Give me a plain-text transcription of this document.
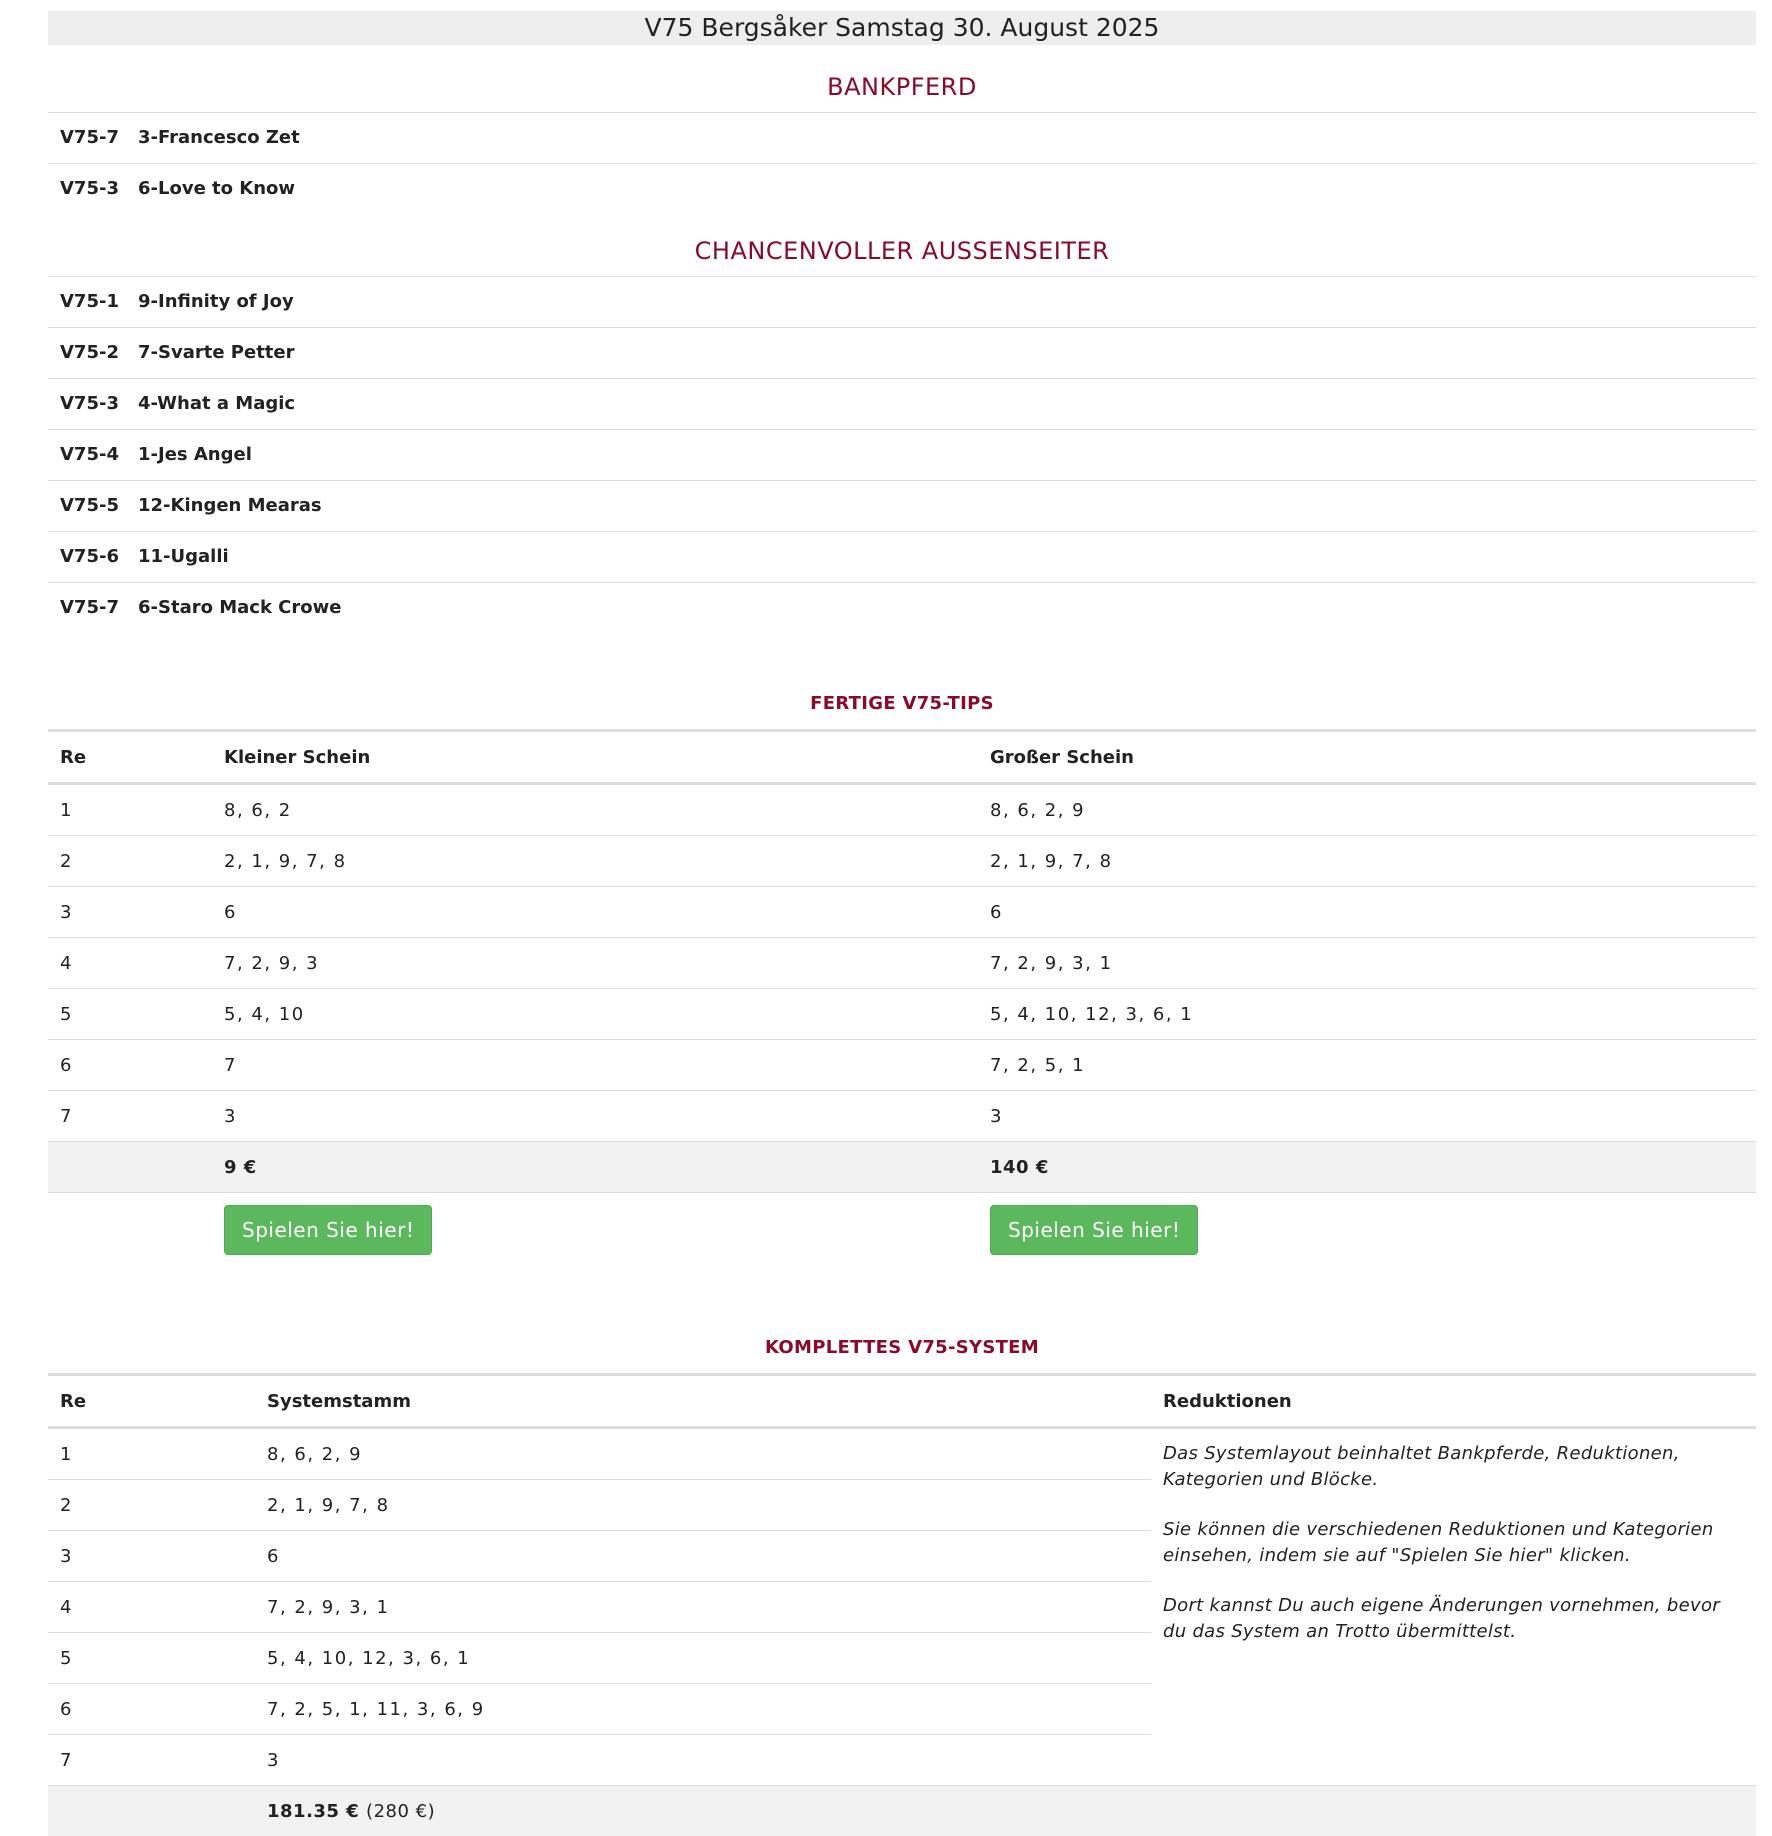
V75 Bergsåker Samstag 30. August 2025
BANKPFERD
V75-7	3-Francesco Zet
V75-3	6-Love to Know
CHANCENVOLLER AUSSENSEITER
V75-1	9-Infinity of Joy
V75-2	7-Svarte Petter
V75-3	4-What a Magic
V75-4	1-Jes Angel
V75-5	12-Kingen Mearas
V75-6	11-Ugalli
V75-7	6-Staro Mack Crowe
FERTIGE V75-TIPS
Re	Kleiner Schein	Großer Schein
1	8, 6, 2	8, 6, 2, 9
2	2, 1, 9, 7, 8	2, 1, 9, 7, 8
3	6	6
4	7, 2, 9, 3	7, 2, 9, 3, 1
5	5, 4, 10	5, 4, 10, 12, 3, 6, 1
6	7	7, 2, 5, 1
7	3	3
	9 €	140 €
	Spielen Sie hier!	Spielen Sie hier!
KOMPLETTES V75-SYSTEM
Re	Systemstamm	Reduktionen
1	8, 6, 2, 9	Das Systemlayout beinhaltet Bankpferde, Reduktionen, Kategorien und Blöcke.

Sie können die verschiedenen Reduktionen und Kategorien einsehen, indem sie auf "Spielen Sie hier" klicken.

Dort kannst Du auch eigene Änderungen vornehmen, bevor du das System an Trotto übermittelst.

2	2, 1, 9, 7, 8	
3	6	
4	7, 2, 9, 3, 1	
5	5, 4, 10, 12, 3, 6, 1	
6	7, 2, 5, 1, 11, 3, 6, 9	
7	3	
	181.35 € (280 €)	
